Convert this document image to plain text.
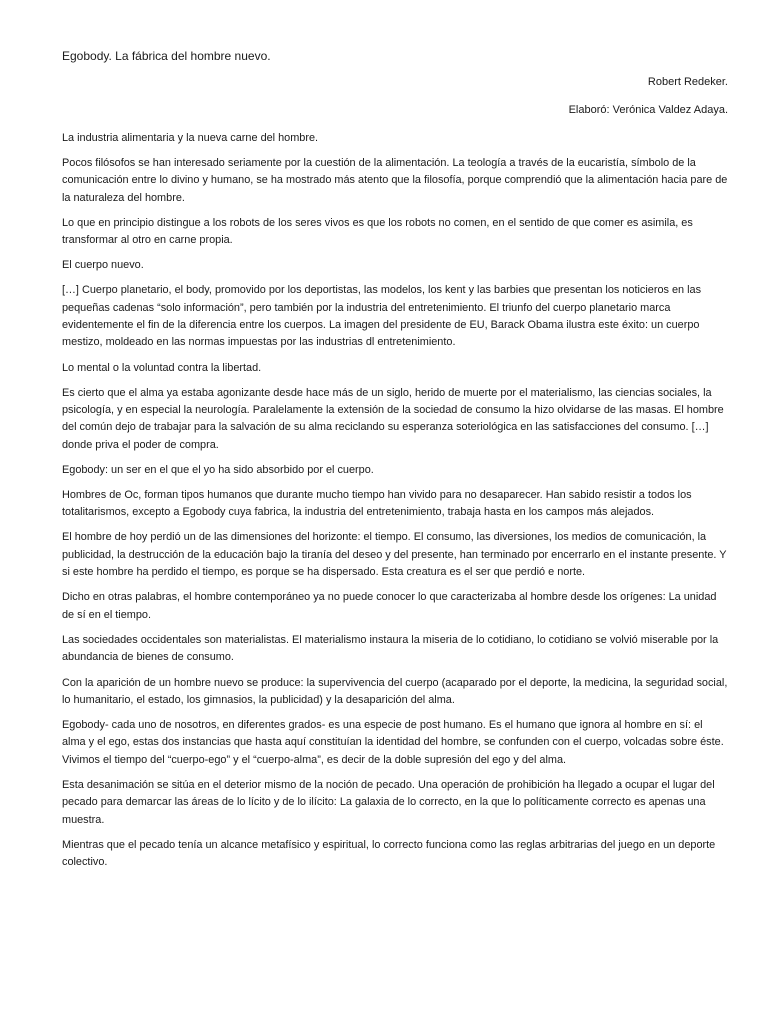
Egobody. La fábrica del hombre nuevo.
Robert Redeker.
Elaboró: Verónica Valdez Adaya.
La industria alimentaria y la nueva carne del hombre.
Pocos filósofos se han interesado seriamente por la cuestión de la alimentación. La teología a través de la eucaristía, símbolo de la comunicación entre lo divino y humano, se ha mostrado más atento que la filosofía, porque comprendió que la alimentación hacia pare de la naturaleza del hombre.
Lo que en principio distingue a los robots de los seres vivos es que los robots no comen, en el sentido de que comer es asimila, es transformar al otro en carne propia.
El cuerpo nuevo.
[…] Cuerpo planetario, el body, promovido por los deportistas, las modelos, los kent y las barbies que presentan los noticieros en las pequeñas cadenas “solo información”, pero también por la industria del entretenimiento. El triunfo del cuerpo planetario marca evidentemente el fin de la diferencia entre los cuerpos. La imagen del presidente de EU, Barack Obama ilustra este éxito: un cuerpo mestizo, moldeado en las normas impuestas por las industrias dl entretenimiento.
Lo mental o la voluntad contra la libertad.
Es cierto que el alma ya estaba agonizante desde hace más de un siglo, herido de muerte por el materialismo, las ciencias sociales, la psicología, y en especial la neurología. Paralelamente la extensión de la sociedad de consumo la hizo olvidarse de las masas. El hombre del común dejo de trabajar para la salvación de su alma reciclando su esperanza soteriológica en las satisfacciones del consumo. […] donde priva el poder de compra.
Egobody: un ser en el que el yo ha sido absorbido por el cuerpo.
Hombres de Oc, forman tipos humanos que durante mucho tiempo han vivido para no desaparecer. Han sabido resistir a todos los totalitarismos, excepto a Egobody cuya fabrica, la industria del entretenimiento, trabaja hasta en los campos más alejados.
El hombre de hoy perdió un de las dimensiones del horizonte: el tiempo. El consumo, las diversiones, los medios de comunicación, la publicidad, la destrucción de la educación bajo la tiranía del deseo y del presente, han terminado por encerrarlo en el instante presente. Y si este hombre ha perdido el tiempo, es porque se ha dispersado. Esta creatura es el ser que perdió e norte.
Dicho en otras palabras, el hombre contemporáneo ya no puede conocer lo que caracterizaba al hombre desde los orígenes: La unidad de sí en el tiempo.
Las sociedades occidentales son materialistas. El materialismo instaura la miseria de lo cotidiano, lo cotidiano se volvió miserable por la abundancia de bienes de consumo.
Con la aparición de un hombre nuevo se produce: la supervivencia del cuerpo (acaparado por el deporte, la medicina, la seguridad social, lo humanitario, el estado, los gimnasios, la publicidad) y la desaparición del alma.
Egobody- cada uno de nosotros, en diferentes grados- es una especie de post humano. Es el humano que ignora al hombre en sí: el alma y el ego, estas dos instancias que hasta aquí constituían la identidad del hombre, se confunden con el cuerpo, volcadas sobre éste. Vivimos el tiempo del “cuerpo-ego” y el “cuerpo-alma”, es decir de la doble supresión del ego y del alma.
Esta desanimación se sitúa en el deterior mismo de la noción de pecado. Una operación de prohibición ha llegado a ocupar el lugar del pecado para demarcar las áreas de lo lícito y de lo ilícito: La galaxia de lo correcto, en la que lo políticamente correcto es apenas una muestra.
Mientras que el pecado tenía un alcance metafísico y espiritual, lo correcto funciona como las reglas arbitrarias del juego en un deporte colectivo.
